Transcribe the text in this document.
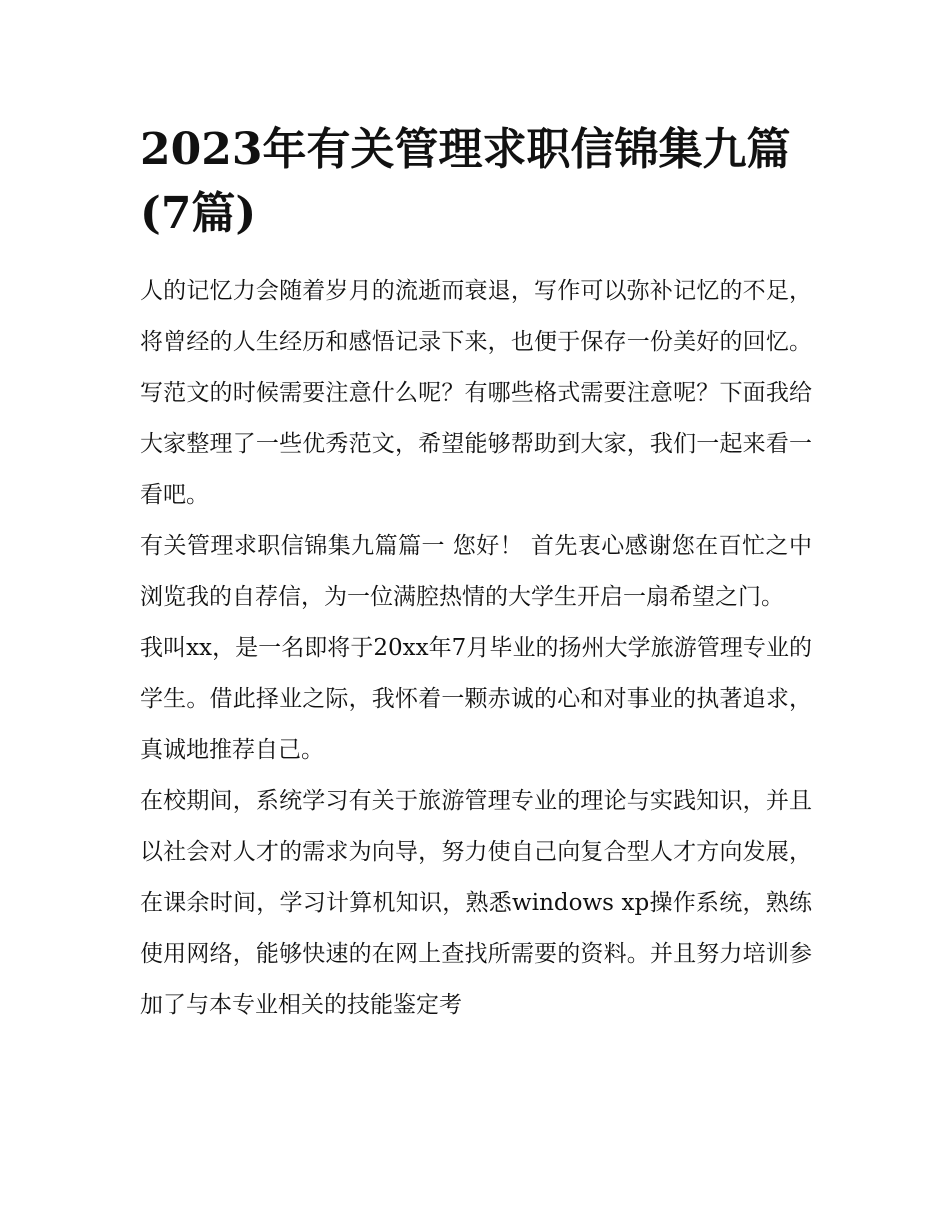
2023年有关管理求职信锦集九篇(7篇)

人的记忆力会随着岁月的流逝而衰退，写作可以弥补记忆的不足，将曾经的人生经历和感悟记录下来，也便于保存一份美好的回忆。写范文的时候需要注意什么呢？有哪些格式需要注意呢？下面我给大家整理了一些优秀范文，希望能够帮助到大家，我们一起来看一看吧。

有关管理求职信锦集九篇篇一 您好！ 首先衷心感谢您在百忙之中浏览我的自荐信，为一位满腔热情的大学生开启一扇希望之门。

我叫xx，是一名即将于20xx年7月毕业的扬州大学旅游管理专业的学生。借此择业之际，我怀着一颗赤诚的心和对事业的执著追求，真诚地推荐自己。

在校期间，系统学习有关于旅游管理专业的理论与实践知识，并且以社会对人才的需求为向导，努力使自己向复合型人才方向发展，在课余时间，学习计算机知识，熟悉windows xp操作系统，熟练使用网络，能够快速的在网上查找所需要的资料。并且努力培训参加了与本专业相关的技能鉴定考
